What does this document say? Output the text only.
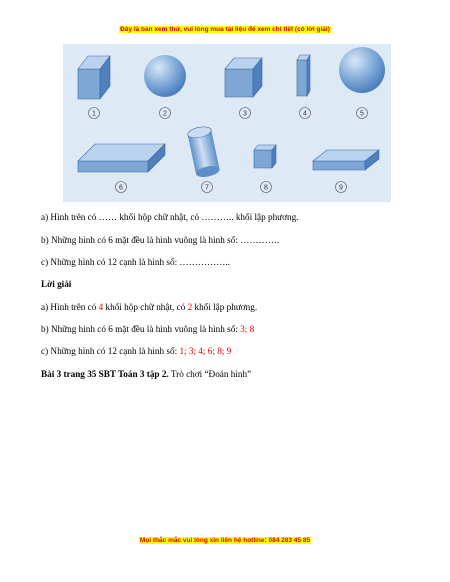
Đây là bản xem thử, vui lòng mua tài liệu để xem chi tiết (có lời giải)
1	2	3	4	5
6	7	8	9
a) Hình trên có …… khối hộp chữ nhật, có ……….. khối lập phương.
b) Những hình có 6 mặt đều là hình vuông là hình số: ………….
c) Những hình có 12 cạnh là hình số: ……………..
Lời giải
a) Hình trên có 4 khối hộp chữ nhật, có 2 khối lập phương.
b) Những hình có 6 mặt đều là hình vuông là hình số: 3; 8
c) Những hình có 12 cạnh là hình số: 1; 3; 4; 6; 8; 9
Bài 3 trang 35 SBT Toán 3 tập 2. Trò chơi “Đoán hình”
Mọi thắc mắc vui lòng xin liên hệ hotline: 084 283 45 85
